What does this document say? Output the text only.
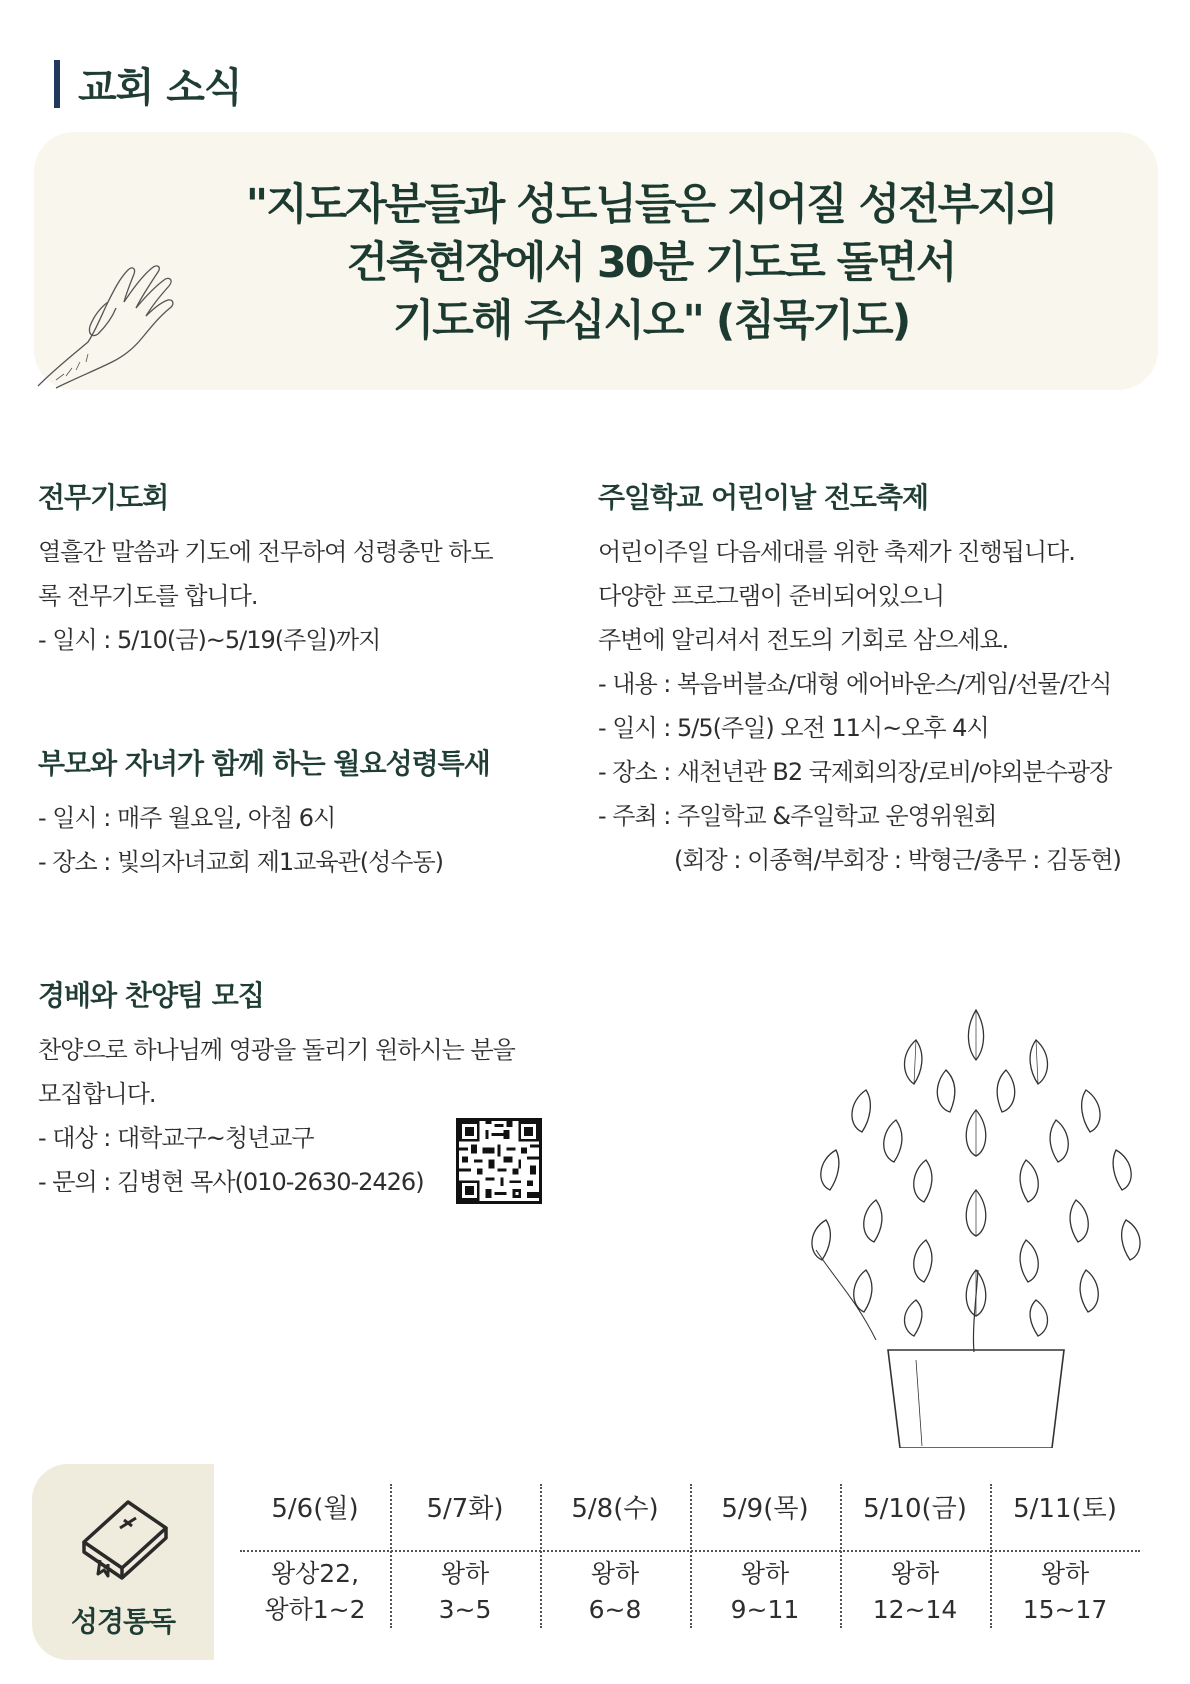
교회 소식
"지도자분들과 성도님들은 지어질 성전부지의
건축현장에서 30분 기도로 돌면서
기도해 주십시오" (침묵기도)
전무기도회

열흘간 말씀과 기도에 전무하여 성령충만 하도

록 전무기도를 합니다.

- 일시 : 5/10(금)~5/19(주일)까지

부모와 자녀가 함께 하는 월요성령특새

- 일시 : 매주 월요일, 아침 6시

- 장소 : 빛의자녀교회 제1교육관(성수동)

경배와 찬양팀 모집

찬양으로 하나님께 영광을 돌리기 원하시는 분을

모집합니다.

- 대상 : 대학교구~청년교구

- 문의 : 김병현 목사(010-2630-2426)

주일학교 어린이날 전도축제

어린이주일 다음세대를 위한 축제가 진행됩니다.

다양한 프로그램이 준비되어있으니

주변에 알리셔서 전도의 기회로 삼으세요.

- 내용 : 복음버블쇼/대형 에어바운스/게임/선물/간식

- 일시 : 5/5(주일) 오전 11시~오후 4시

- 장소 : 새천년관 B2 국제회의장/로비/야외분수광장

- 주최 : 주일학교 &주일학교 운영위원회

(회장 : 이종혁/부회장 : 박형근/총무 : 김동현)

성경통독
5/6(월)
왕상22,
왕하1~2
5/7화)
왕하
3~5
5/8(수)
왕하
6~8
5/9(목)
왕하
9~11
5/10(금)
왕하
12~14
5/11(토)
왕하
15~17
